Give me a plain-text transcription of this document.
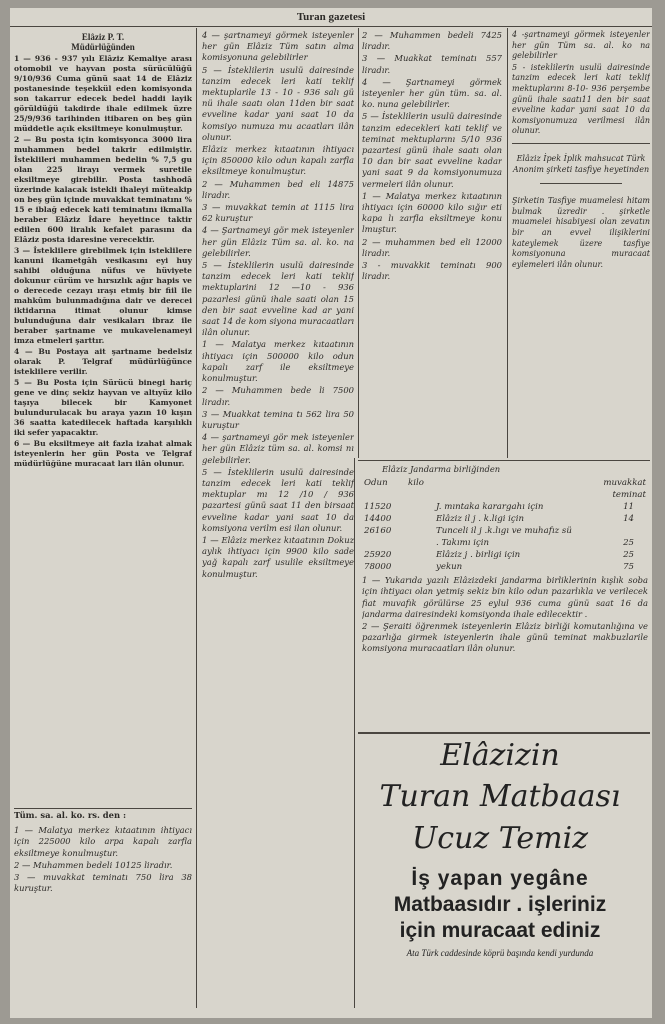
Turan gazetesi
Elâziz P. T.
Müdürlüğünden

1 — 936 - 937 yılı Elâziz Kemaliye arası otomobil ve hayvan posta sürücülüğü 9/10/936 Cuma günü saat 14 de Elâziz postanesinde teşekkül eden komisyonda son takarrur edecek bedel haddi layik görüldüğü takdirde ihale edilmek üzre 25/9/936 tarihinden itibaren on beş gün müddetle açık eksiltmeye konulmuştur.

2 — Bu posta için komisyonca 3000 lira muhammen bedel takrir edilmiştir. İsteklileri muhammen bedelin % 7,5 gu olan 225 lirayı vermek suretile eksiltmeye girebilir. Posta tashhodâ üzerinde kalacak istekli ihaleyi müteakip on beş gün içinde muvakkat teminatını % 15 e iblağ edecek kati teminatını ikmalla beraber Elâziz İdare heyetince taktir edilen 600 liralık kefalet parasını da Elâziz posta idaresine verecektir.

3 — İsteklilere girebilmek için isteklilere kanuni ikametgâh vesikasını eyi huy sahibi olduğuna nüfus ve hüviyete dokunur cürüm ve hırsızlık ağır hapis ve o derecede cezayı ıraşı etmiş bir fiil ile mahkûm bulunmadığına dair ve derecei iktidarına itimat olunur kimse bulunduğuna dair vesikaları ibraz ile beraber şartname ve mukavelenameyi imza etmeleri şarttır.

4 — Bu Postaya ait şartname bedelsiz olarak P. Telgraf müdürlüğünce isteklilere verilir.

5 — Bu Posta için Sürücü binegi hariç gene ve dinç sekiz hayvan ve altıyüz kilo taşıya bilecek bir Kamyonet bulundurulacak bu araya yazın 10 kışın 36 saatta katedilecek haftada karşılıklı iki sefer yapacaktır.

6 — Bu eksiltmeye ait fazla izahat almak isteyenlerin her gün Posta ve Telgraf müdürlüğüne muracaat ları ilân olunur.

Tüm. sa. al. ko. rs. den :

1 — Malatya merkez kıtaatının ihtiyacı için 225000 kilo arpa kapalı zarfla eksiltmeye konulmuştur.

2 — Muhammen bedeli 10125 liradır.

3 — muvakkat teminatı 750 lira 38 kuruştur.

4 — şartnameyi görmek isteyenler her gün Elâziz Tüm satın alma komisyonuna gelebilirler

5 — İsteklilerin usulü dairesinde tanzim edecek leri kati teklif mektuplarile 13 - 10 - 936 salı gü nü ihale saatı olan 11den bir saat evveline kadar yani saat 10 da komsiyo numuza mu acaatları ilân olunur.

Elâziz merkez kıtaatının ihtiyacı için 850000 kilo odun kapalı zarfla eksiltmeye konulmuştur.

2 — Muhammen bed eli 14875 liradır.

3 — muvakkat temin at 1115 lira 62 kuruştur

4 — Şartnameyi gör mek isteyenler her gün Elâziz Tüm sa. al. ko. na gelebilirler.

5 — İsteklilerin usulü dairesinde tanzim edecek leri kati teklif mektuplarini 12 —10 - 936 pazarlesi günü ihale saati olan 15 den bir saat evveline kad ar yani saat 14 de kom siyona muracaatları ilân olunur.

1 — Malatya merkez kıtaatının ihtiyacı için 500000 kilo odun kapalı zarf ile eksiltmeye konulmuştur.

2 — Muhammen bede li 7500 liradır.

3 — Muakkat temina tı 562 lira 50 kuruştur

4 — şartnameyi gör mek isteyenler her gün Elâziz tüm sa. al. komsi nı gelebilirler.

5 — İsteklilerin usulü dairesinde tanzim edecek leri kati teklif mektuplar mı 12 /10 / 936 pazartesi günü saat 11 den birsaat evveline kadar yani saat 10 da komsiyona verilm esi ilan olunur.

1 — Elâziz merkez kıtaatının Dokuz aylık ihtiyacı için 9900 kilo sade yağ kapalı zarf usulile eksiltmeye konulmuştur.

2 — Muhammen bedeli 7425 liradır.

3 — Muakkat teminatı 557 liradır.

4 — Şartnameyi görmek isteyenler her gün tüm. sa. al. ko. nuna gelebilirler.

5 — İsteklilerin usulü dairesinde tanzim edecekleri kati teklif ve teminat mektuplarını 5/10 936 pazartesi günü ihale saatı olan 10 dan bir saat evveline kadar yani saat 9 da komsiyonumuza vermeleri ilân olunur.

1 — Malatya merkez kıtaatının ihtiyacı için 60000 kilo sığır eti kapa lı zarfla eksiltmeye konu lmuştur.

2 — muhammen bed eli 12000 liradır.

3 - muvakkit teminatı 900 liradır.

4 -şartnameyi görmek isteyenler her gün Tüm sa. al. ko na gelebilirler

5 - isteklilerin usulü dairesinde tanzim edecek leri kati teklif mektuplarını 8-10- 936 perşembe günü ihale saatı11 den bir saat evveline kadar yani saat 10 da komsiyonumuza verilmesi ilân olunur.

Elâziz İpek İplik mahsucat Türk Anonim şirketi tasfiye heyetinden

Şirketin Tasfiye muamelesi hitam bulmak üzredir . şirketle muamelei hisabiyesi olan zevatın bir an evvel ilişiklerini kateylemek üzere tasfiye komsiyonuna muracaat eylemeleri ilân olunur.

Elâziz Jandarma birliğinden

Odun	kilo	muvakkat teminat
11520	J. mıntaka karargahı için	11
14400	Elâziz il j . k.ligi için	14
26160	Tunceli il j .k.lıgı ve muhafız sü . Takımı için	25
25920	Elâziz j . birligi için	25
78000	yekun	75

1 — Yukarıda yazılı Elâzizdeki jandarma birliklerinin kışlık soba için ihtiyacı olan yetmiş sekiz bin kilo odun pazarlıkla ve verilecek fiat muvafık görülürse 25 eylul 936 cuma günü saat 16 da jandarma dairesindeki komsiyonda ihale edilecektir .

2 — Şeraiti öğrenmek isteyenlerin Elâziz birliği komutanlığına ve pazarlığa girmek isteyenlerin ihale günü teminat makbuzlarile komsiyona muracaatları ilân olunur.

Elâzizin
Turan Matbaası
Ucuz Temiz
İş yapan yegâne
Matbaasıdır . işleriniz
için muracaat ediniz
Ata Türk caddesinde köprü başında kendi yurdunda
